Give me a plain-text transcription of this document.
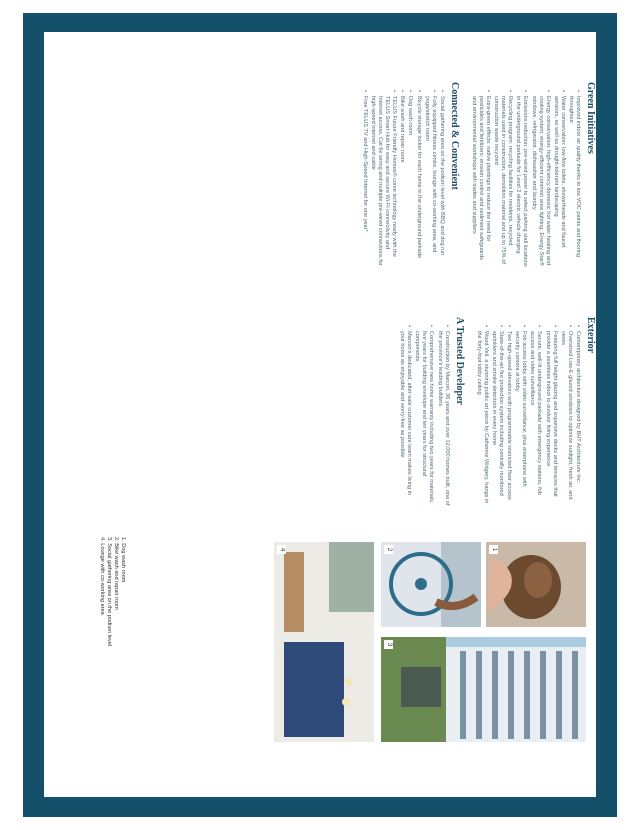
Green Initiatives
• Improved indoor air quality thanks to low VOC paints and flooring throughout
• Water conservation: low-flow toilets, showerheads and faucet aerators, as well as drought-tolerant landscaping
• Energy conservation: high-efficiency domestic hot water heating and cooling system, energy-efficient common area lighting, Energy Star® windows, refrigerator, dishwasher and laundry
• Emissions reduction: pre-wired power to select parking stall locations in the underground parkade for Level 2 electric vehicle charging
• Recycling program: recycling facilities for residents, recycled materials used in construction, demolition material and up to 75% of construction waste recycled
• Extra-green effects: native plantings to reduce the need for pesticides and fertilizers; erosion control and sediment safeguards and environmental workshops with trades and suppliers
Connected & Convenient
• Social gathering area on the podium level with BBQ and dog run
• Fully equipped fitness centre, lounge with co-working area, and yoga/stretch room
• Bicycle storage locker for each home in the underground parkade
• Dog wash room
• Bike wash and repair room
• TELUS Future Friendly Homes® come technology ready with the TELUS Smart Hub for easy and secure Wi-Fi connectivity and Internet access, Cat 6e wiring and multiple pre-wired connections for high-speed internet and cable
• Free TELUS TV and High-Speed Internet for one year*
Exterior
• Contemporary architecture designed by BHT Architecture Inc.
• Oversized Low-E glazed windows to optimize sunlight, fresh air, and views
• Featuring full height glazing and expansive decks and terraces that provide a seamless indoor to outdoor living experience
• Secure, well-lit underground parkade with emergency stations, fob access and video surveillance
• Fob access lobby with video surveillance, plus enterphone with security camera at lobby
• Two high-speed elevators with programmable restricted floor access
• State-of-the-art fire protection system including centrally monitored sprinklers and smoke detectors in every home
• Wood Veil, a stunning public art piece by Catherine Widgery, hangs in the forty-foot lobby ceiling
A Trusted Developer
• Construction by Marcon, 36 years and over 12,000 homes built, one of the province's leading builders
• Comprehensive new home warranty including two years for materials, five years for building envelope and ten years for structural components
• Marcon's dedicated, after-sale customer care team makes living in your home as enjoyable and worry-free as possible
1
2
3
4
1. Dog wash room
2. Bike wash and repair room
3. Social gathering area on the podium level
4. Lounge with co-working area
